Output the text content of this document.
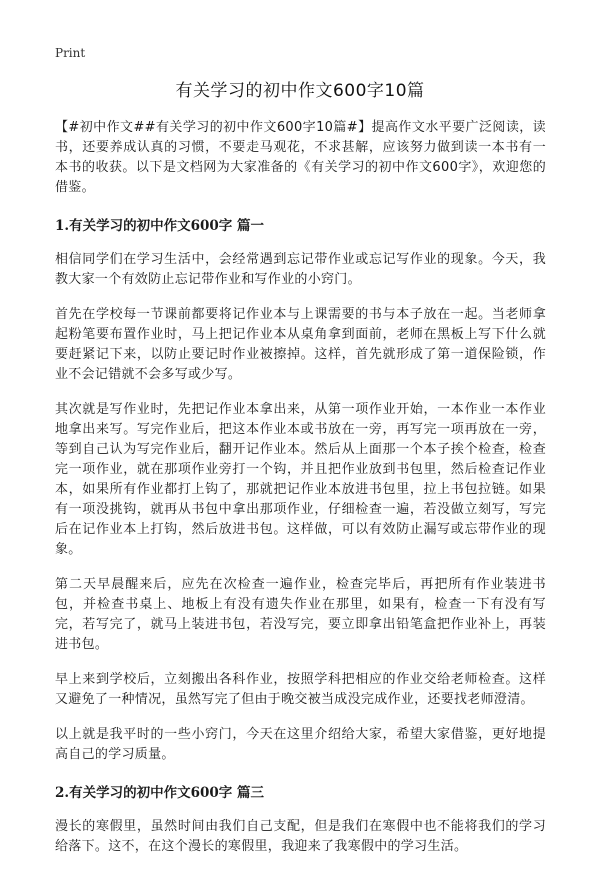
Print
有关学习的初中作文600字10篇

【#初中作文##有关学习的初中作文600字10篇#】提高作文水平要广泛阅读，读书，还要养成认真的习惯，不要走马观花，不求甚解，应该努力做到读一本书有一本书的收获。以下是文档网为大家准备的《有关学习的初中作文600字》，欢迎您的借鉴。

1.有关学习的初中作文600字 篇一

相信同学们在学习生活中，会经常遇到忘记带作业或忘记写作业的现象。今天，我教大家一个有效防止忘记带作业和写作业的小窍门。

首先在学校每一节课前都要将记作业本与上课需要的书与本子放在一起。当老师拿起粉笔要布置作业时，马上把记作业本从桌角拿到面前，老师在黑板上写下什么就要赶紧记下来，以防止要记时作业被擦掉。这样，首先就形成了第一道保险锁，作业不会记错就不会多写或少写。

其次就是写作业时，先把记作业本拿出来，从第一项作业开始，一本作业一本作业地拿出来写。写完作业后，把这本作业本或书放在一旁，再写完一项再放在一旁，等到自己认为写完作业后，翻开记作业本。然后从上面那一个本子挨个检查，检查完一项作业，就在那项作业旁打一个钩，并且把作业放到书包里，然后检查记作业本，如果所有作业都打上钩了，那就把记作业本放进书包里，拉上书包拉链。如果有一项没挑钩，就再从书包中拿出那项作业，仔细检查一遍，若没做立刻写，写完后在记作业本上打钩，然后放进书包。这样做，可以有效防止漏写或忘带作业的现象。

第二天早晨醒来后，应先在次检查一遍作业，检查完毕后，再把所有作业装进书包，并检查书桌上、地板上有没有遗失作业在那里，如果有，检查一下有没有写完，若写完了，就马上装进书包，若没写完，要立即拿出铅笔盒把作业补上，再装进书包。

早上来到学校后，立刻搬出各科作业，按照学科把相应的作业交给老师检查。这样又避免了一种情况，虽然写完了但由于晚交被当成没完成作业，还要找老师澄清。

以上就是我平时的一些小窍门，今天在这里介绍给大家，希望大家借鉴，更好地提高自己的学习质量。

2.有关学习的初中作文600字 篇三

漫长的寒假里，虽然时间由我们自己支配，但是我们在寒假中也不能将我们的学习给落下。这不，在这个漫长的寒假里，我迎来了我寒假中的学习生活。
